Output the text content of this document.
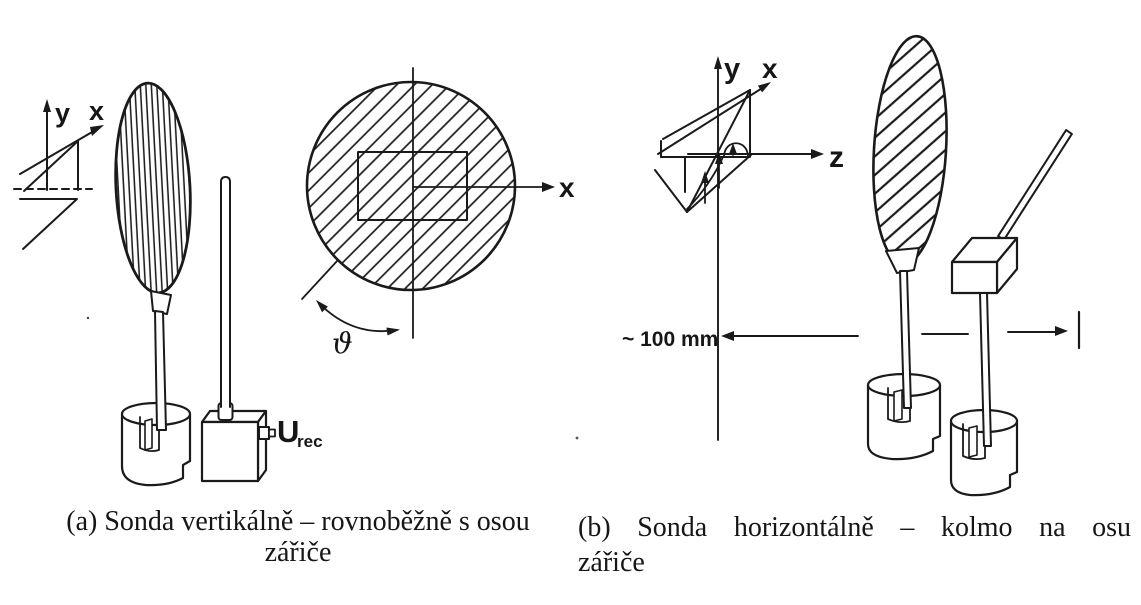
y x
U
rec
x
ϑ
y x
z
~ 100 mm
(a) Sonda vertikálně – rovnoběžně s osou
zářiče
(b) Sonda horizontálně – kolmo na osu
zářiče
